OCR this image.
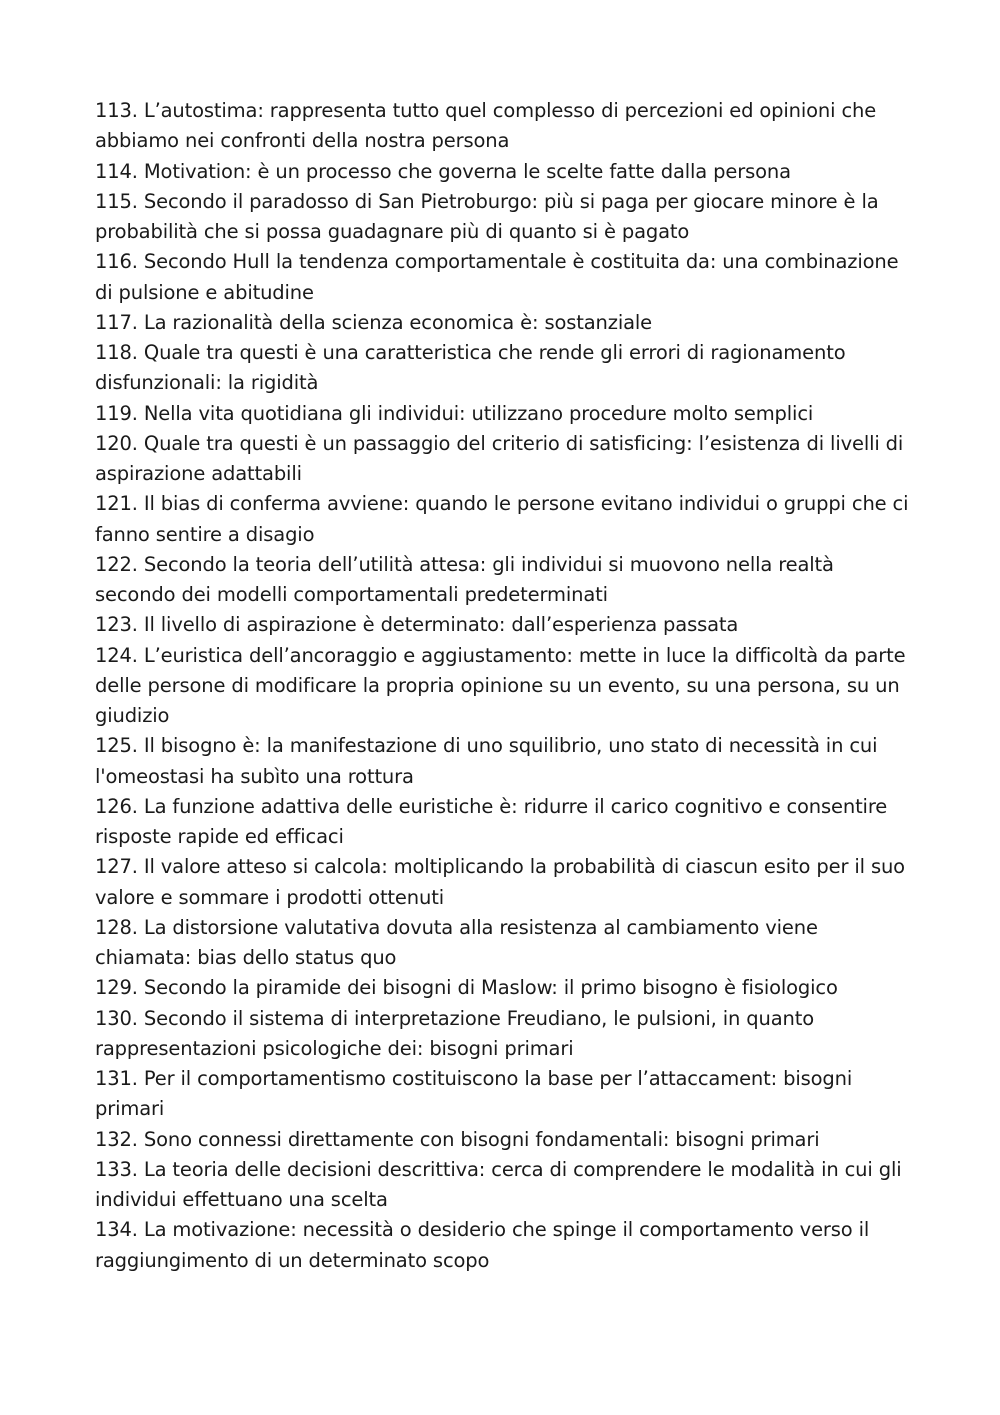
113. L’autostima: rappresenta tutto quel complesso di percezioni ed opinioni che abbiamo nei confronti della nostra persona

114. Motivation: è un processo che governa le scelte fatte dalla persona

115. Secondo il paradosso di San Pietroburgo: più si paga per giocare minore è la probabilità che si possa guadagnare più di quanto si è pagato

116. Secondo Hull la tendenza comportamentale è costituita da: una combinazione di pulsione e abitudine

117. La razionalità della scienza economica è: sostanziale

118. Quale tra questi è una caratteristica che rende gli errori di ragionamento disfunzionali: la rigidità

119. Nella vita quotidiana gli individui: utilizzano procedure molto semplici

120. Quale tra questi è un passaggio del criterio di satisficing: l’esistenza di livelli di aspirazione adattabili

121. Il bias di conferma avviene: quando le persone evitano individui o gruppi che ci fanno sentire a disagio

122. Secondo la teoria dell’utilità attesa: gli individui si muovono nella realtà secondo dei modelli comportamentali predeterminati

123. Il livello di aspirazione è determinato: dall’esperienza passata

124. L’euristica dell’ancoraggio e aggiustamento: mette in luce la difficoltà da parte delle persone di modificare la propria opinione su un evento, su una persona, su un giudizio

125. Il bisogno è: la manifestazione di uno squilibrio, uno stato di necessità in cui l'omeostasi ha subìto una rottura

126. La funzione adattiva delle euristiche è: ridurre il carico cognitivo e consentire risposte rapide ed efficaci

127. Il valore atteso si calcola: moltiplicando la probabilità di ciascun esito per il suo valore e sommare i prodotti ottenuti

128. La distorsione valutativa dovuta alla resistenza al cambiamento viene chiamata: bias dello status quo

129. Secondo la piramide dei bisogni di Maslow: il primo bisogno è fisiologico

130. Secondo il sistema di interpretazione Freudiano, le pulsioni, in quanto rappresentazioni psicologiche dei: bisogni primari

131. Per il comportamentismo costituiscono la base per l’attaccament: bisogni primari

132. Sono connessi direttamente con bisogni fondamentali: bisogni primari

133. La teoria delle decisioni descrittiva: cerca di comprendere le modalità in cui gli individui effettuano una scelta

134. La motivazione: necessità o desiderio che spinge il comportamento verso il raggiungimento di un determinato scopo
